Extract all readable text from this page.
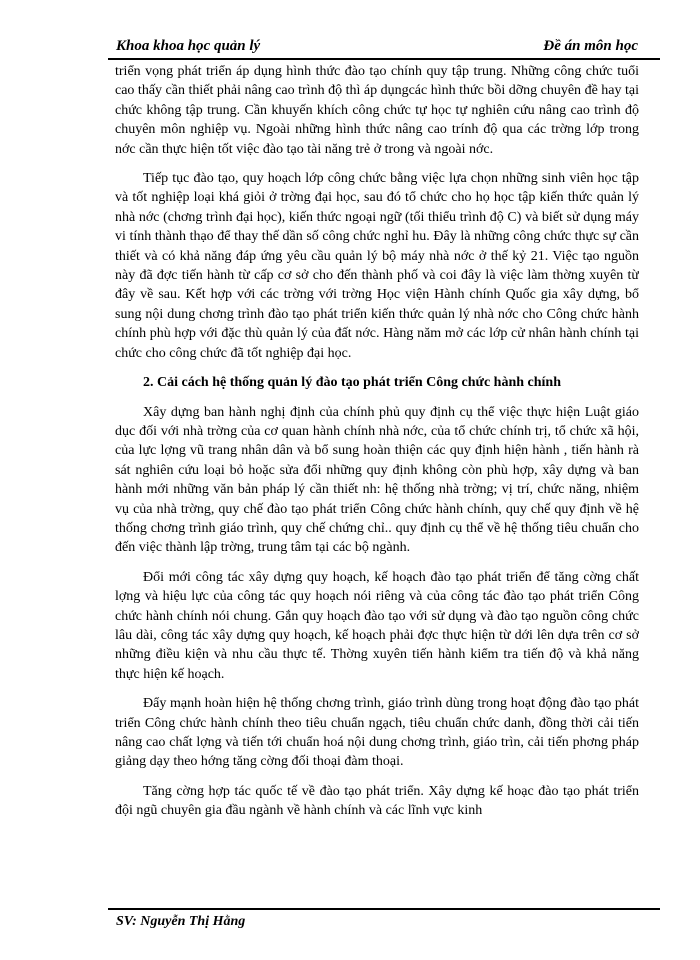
Khoa khoa học quản lý	Đề án môn học

triển vọng phát triển áp dụng hình thức đào tạo chính quy tập trung. Những công chức tuổi cao thấy cần thiết phải nâng cao trình độ thì áp dụngcác hình thức bồi dỡng chuyên đề hay tại chức không tập trung. Cần khuyến khích công chức tự học tự nghiên cứu nâng cao trình độ chuyên môn nghiệp vụ. Ngoài những hình thức nâng cao trính độ qua các trờng lớp trong nớc cần thực hiện tốt việc đào tạo tài năng trẻ ở trong và ngoài nớc.

Tiếp tục đào tạo, quy hoạch lớp công chức bằng việc lựa chọn những sinh viên học tập và tốt nghiệp loại khá giỏi ở trờng đại học, sau đó tổ chức cho họ học tập kiến thức quản lý nhà nớc (chơng trình đại học), kiến thức ngoại ngữ (tối thiểu trình độ C) và biết sử dụng máy vi tính thành thạo để thay thế dần số công chức nghỉ hu. Đây là những công chức thực sự cần thiết và có khả năng đáp ứng yêu cầu quản lý bộ máy nhà nớc ở thế kỷ 21. Việc tạo nguồn này đã đợc tiến hành từ cấp cơ sở cho đến thành phố và coi đây là việc làm thờng xuyên từ đây về sau. Kết hợp với các trờng với trờng Học viện Hành chính Quốc gia xây dựng, bổ sung nội dung chơng trình đào tạo phát triển kiến thức quản lý nhà nớc cho Công chức hành chính phù hợp với đặc thù quản lý của đất nớc. Hàng năm mở các lớp cử nhân hành chính tại chức cho công chức đã tốt nghiệp đại học.

2. Cải cách hệ thống quản lý đào tạo phát triển Công chức hành chính

Xây dựng ban hành nghị định của chính phủ quy định cụ thể việc thực hiện Luật giáo dục đối với nhà trờng của cơ quan hành chính nhà nớc, của tổ chức chính trị, tổ chức xã hội, của lực lợng vũ trang nhân dân và bổ sung hoàn thiện các quy định hiện hành , tiến hành rà sát nghiên cứu loại bỏ hoặc sửa đổi những quy định không còn phù hợp, xây dựng và ban hành mới những văn bản pháp lý cần thiết nh: hệ thống nhà trờng; vị trí, chức năng, nhiệm vụ của nhà trờng, quy chế đào tạo phát triển Công chức hành chính, quy chế quy định về hệ thống chơng trình giáo trình, quy chế chứng chỉ.. quy định cụ thể về hệ thống tiêu chuẩn cho đến việc thành lập trờng, trung tâm tại các bộ ngành.

Đổi mới công tác xây dựng quy hoạch, kế hoạch đào tạo phát triển để tăng cờng chất lợng và hiệu lực của công tác quy hoạch nói riêng và của công tác đào tạo phát triển Công chức hành chính nói chung. Gắn quy hoạch đào tạo với sử dụng và đào tạo nguồn công chức lâu dài, công tác xây dựng quy hoạch, kế hoạch phải đợc thực hiện từ dới lên dựa trên cơ sở những điều kiện và nhu cầu thực tế. Thờng xuyên tiến hành kiểm tra tiến độ và khả năng thực hiện kế hoạch.

Đẩy mạnh hoàn hiện hệ thống chơng trình, giáo trình dùng trong hoạt động đào tạo phát triển Công chức hành chính theo tiêu chuẩn ngạch, tiêu chuẩn chức danh, đồng thời cải tiến nâng cao chất lợng và tiến tới chuẩn hoá nội dung chơng trình, giáo trìn, cải tiến phơng pháp giảng dạy theo hớng tăng cờng đối thoại đàm thoại.

Tăng cờng hợp tác quốc tế về đào tạo phát triển. Xây dựng kế hoạc đào tạo phát triển đội ngũ chuyên gia đầu ngành về hành chính và các lĩnh vực kinh

SV: Nguyễn Thị Hằng
